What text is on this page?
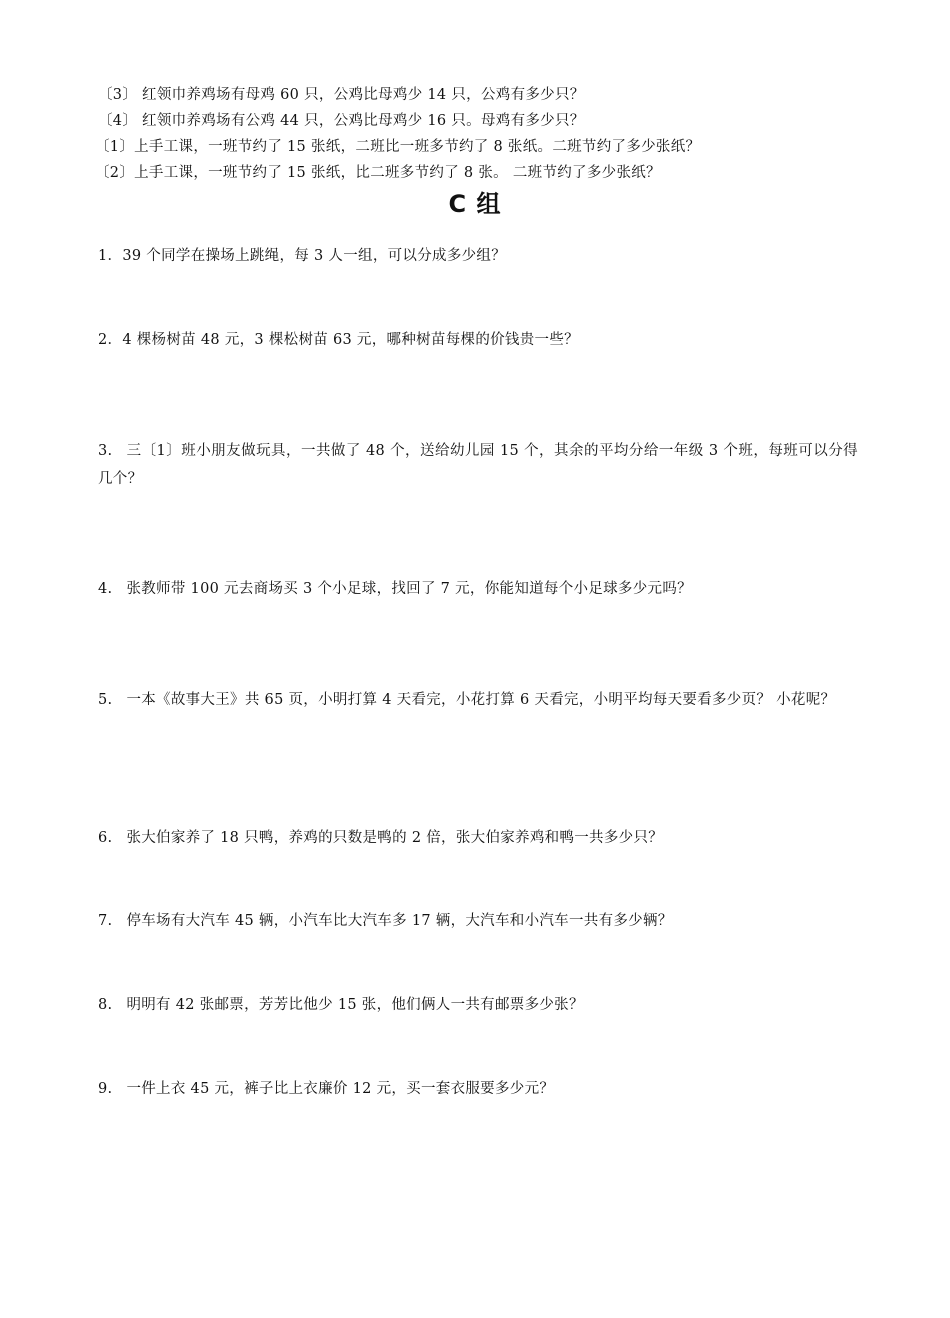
〔3〕 红领巾养鸡场有母鸡 60 只，公鸡比母鸡少 14 只，公鸡有多少只？
〔4〕 红领巾养鸡场有公鸡 44 只，公鸡比母鸡少 16 只。母鸡有多少只？
〔1〕上手工课，一班节约了 15 张纸，二班比一班多节约了 8 张纸。二班节约了多少张纸？
〔2〕上手工课，一班节约了 15 张纸，比二班多节约了 8 张。 二班节约了多少张纸？
C 组
1．39 个同学在操场上跳绳，每 3 人一组，可以分成多少组？
2．4 棵杨树苗 48 元，3 棵松树苗 63 元，哪种树苗每棵的价钱贵一些？
3. 三〔1〕班小朋友做玩具，一共做了 48 个，送给幼儿园 15 个，其余的平均分给一年级 3 个班，每班可以分得几个？
4. 张教师带 100 元去商场买 3 个小足球，找回了 7 元，你能知道每个小足球多少元吗？
5. 一本《故事大王》共 65 页，小明打算 4 天看完，小花打算 6 天看完，小明平均每天要看多少页？ 小花呢？
6. 张大伯家养了 18 只鸭，养鸡的只数是鸭的 2 倍，张大伯家养鸡和鸭一共多少只？
7. 停车场有大汽车 45 辆，小汽车比大汽车多 17 辆，大汽车和小汽车一共有多少辆？
8. 明明有 42 张邮票，芳芳比他少 15 张，他们俩人一共有邮票多少张？
9. 一件上衣 45 元，裤子比上衣廉价 12 元，买一套衣服要多少元？
